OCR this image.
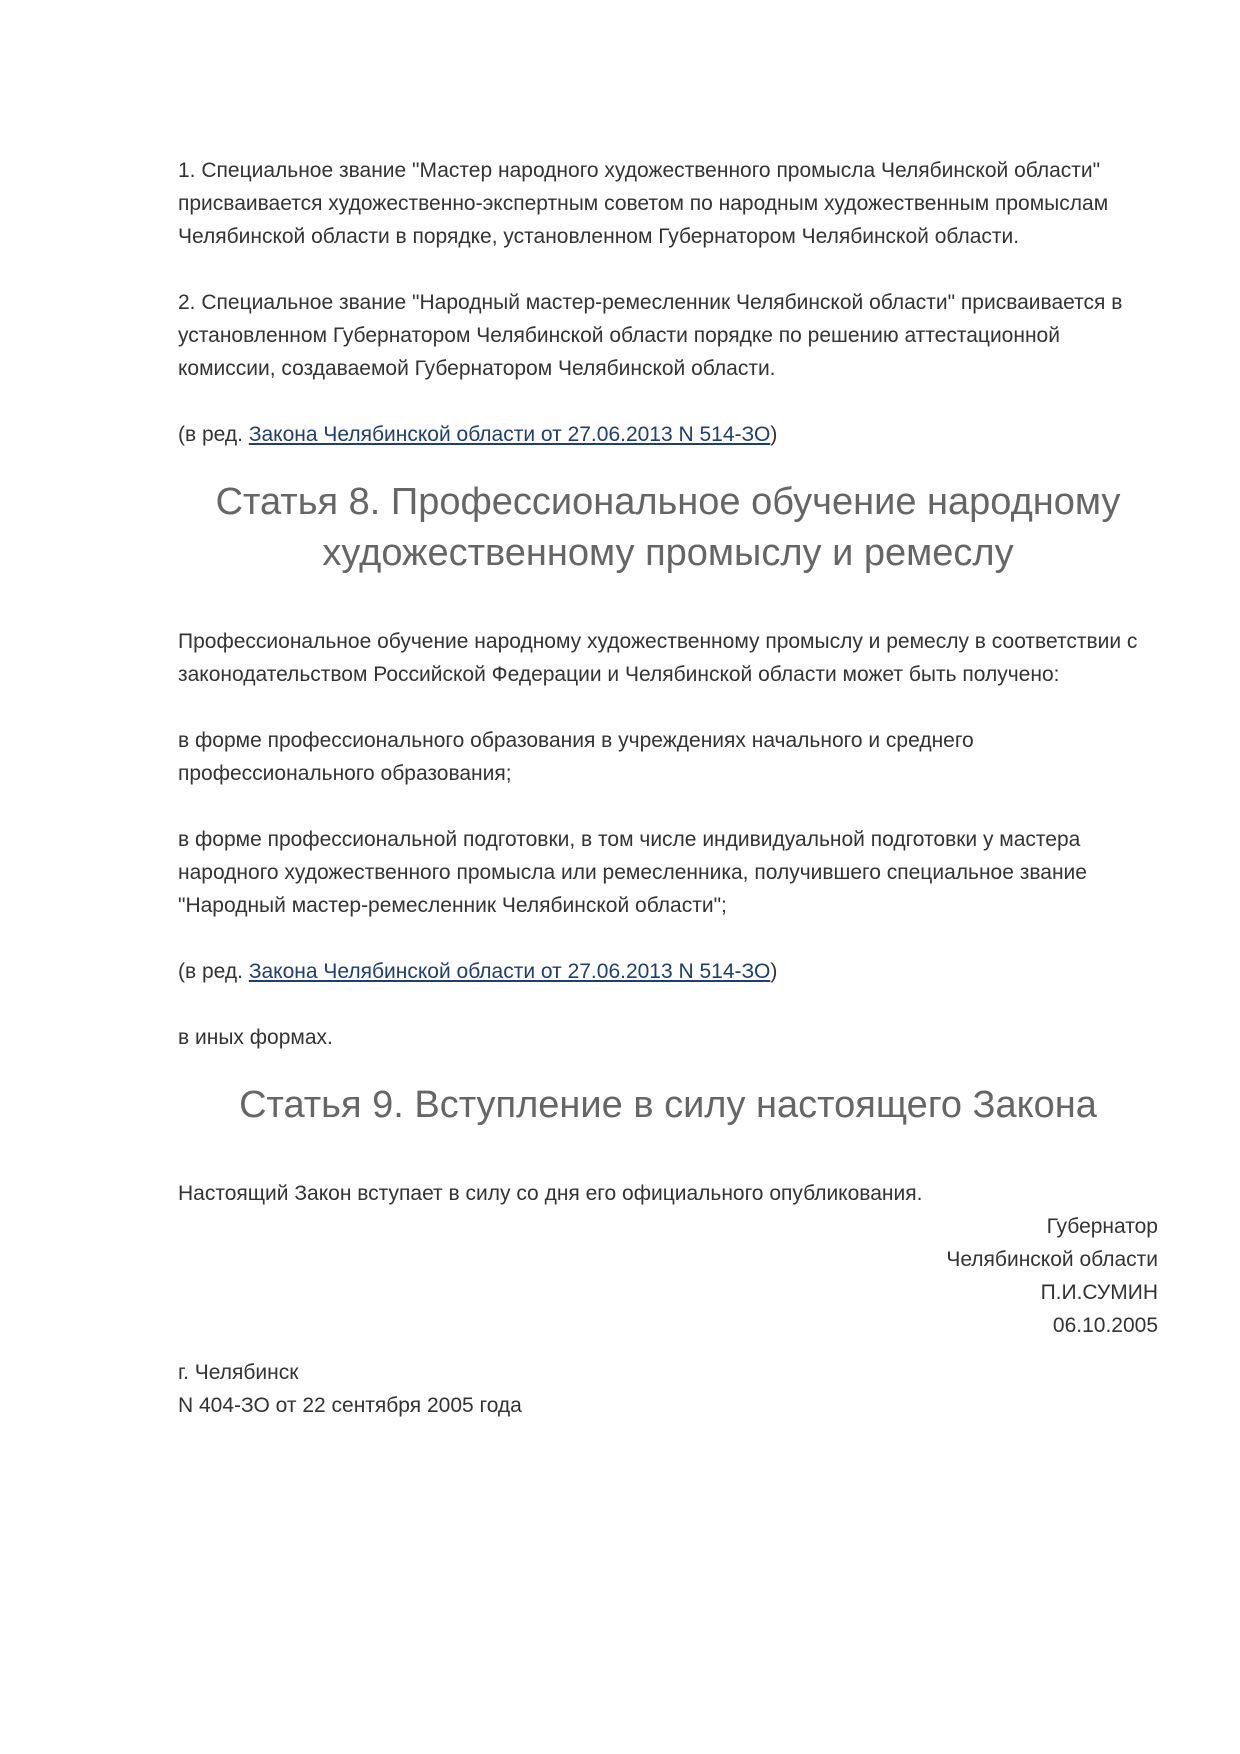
1. Специальное звание "Мастер народного художественного промысла Челябинской области" присваивается художественно-экспертным советом по народным художественным промыслам Челябинской области в порядке, установленном Губернатором Челябинской области.

2. Специальное звание "Народный мастер-ремесленник Челябинской области" присваивается в установленном Губернатором Челябинской области порядке по решению аттестационной комиссии, создаваемой Губернатором Челябинской области.

(в ред. Закона Челябинской области от 27.06.2013 N 514-ЗО)

Статья 8. Профессиональное обучение народному
художественному промыслу и ремеслу

Профессиональное обучение народному художественному промыслу и ремеслу в соответствии с законодательством Российской Федерации и Челябинской области может быть получено:

в форме профессионального образования в учреждениях начального и среднего профессионального образования;

в форме профессиональной подготовки, в том числе индивидуальной подготовки у мастера народного художественного промысла или ремесленника, получившего специальное звание "Народный мастер-ремесленник Челябинской области";

(в ред. Закона Челябинской области от 27.06.2013 N 514-ЗО)

в иных формах.

Статья 9. Вступление в силу настоящего Закона

Настоящий Закон вступает в силу со дня его официального опубликования.

Губернатор
Челябинской области
П.И.СУМИН
06.10.2005

г. Челябинск

N 404-ЗО от 22 сентября 2005 года
